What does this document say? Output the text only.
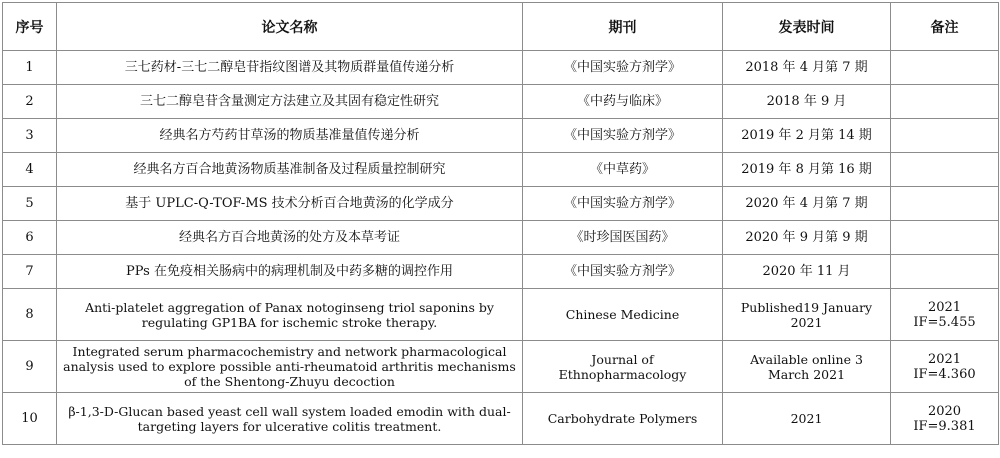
序号	论文名称	期刊	发表时间	备注
1	三七药材-三七二醇皂苷指纹图谱及其物质群量值传递分析	《中国实验方剂学》	2018 年 4 月第 7 期	
2	三七二醇皂苷含量测定方法建立及其固有稳定性研究	《中药与临床》	2018 年 9 月	
3	经典名方芍药甘草汤的物质基准量值传递分析	《中国实验方剂学》	2019 年 2 月第 14 期	
4	经典名方百合地黄汤物质基准制备及过程质量控制研究	《中草药》	2019 年 8 月第 16 期	
5	基于 UPLC-Q-TOF-MS 技术分析百合地黄汤的化学成分	《中国实验方剂学》	2020 年 4 月第 7 期	
6	经典名方百合地黄汤的处方及本草考证	《时珍国医国药》	2020 年 9 月第 9 期	
7	PPs 在免疫相关肠病中的病理机制及中药多糖的调控作用	《中国实验方剂学》	2020 年 11 月	
8	Anti-platelet aggregation of Panax notoginseng triol saponins by regulating GP1BA for ischemic stroke therapy.	Chinese Medicine	Published19 January 2021	2021 IF=5.455
9	Integrated serum pharmacochemistry and network pharmacological analysis used to explore possible anti-rheumatoid arthritis mechanisms of the Shentong-Zhuyu decoction	Journal of Ethnopharmacology	Available online 3 March 2021	2021 IF=4.360
10	β-1,3-D-Glucan based yeast cell wall system loaded emodin with dual-targeting layers for ulcerative colitis treatment.	Carbohydrate Polymers	2021	2020 IF=9.381
